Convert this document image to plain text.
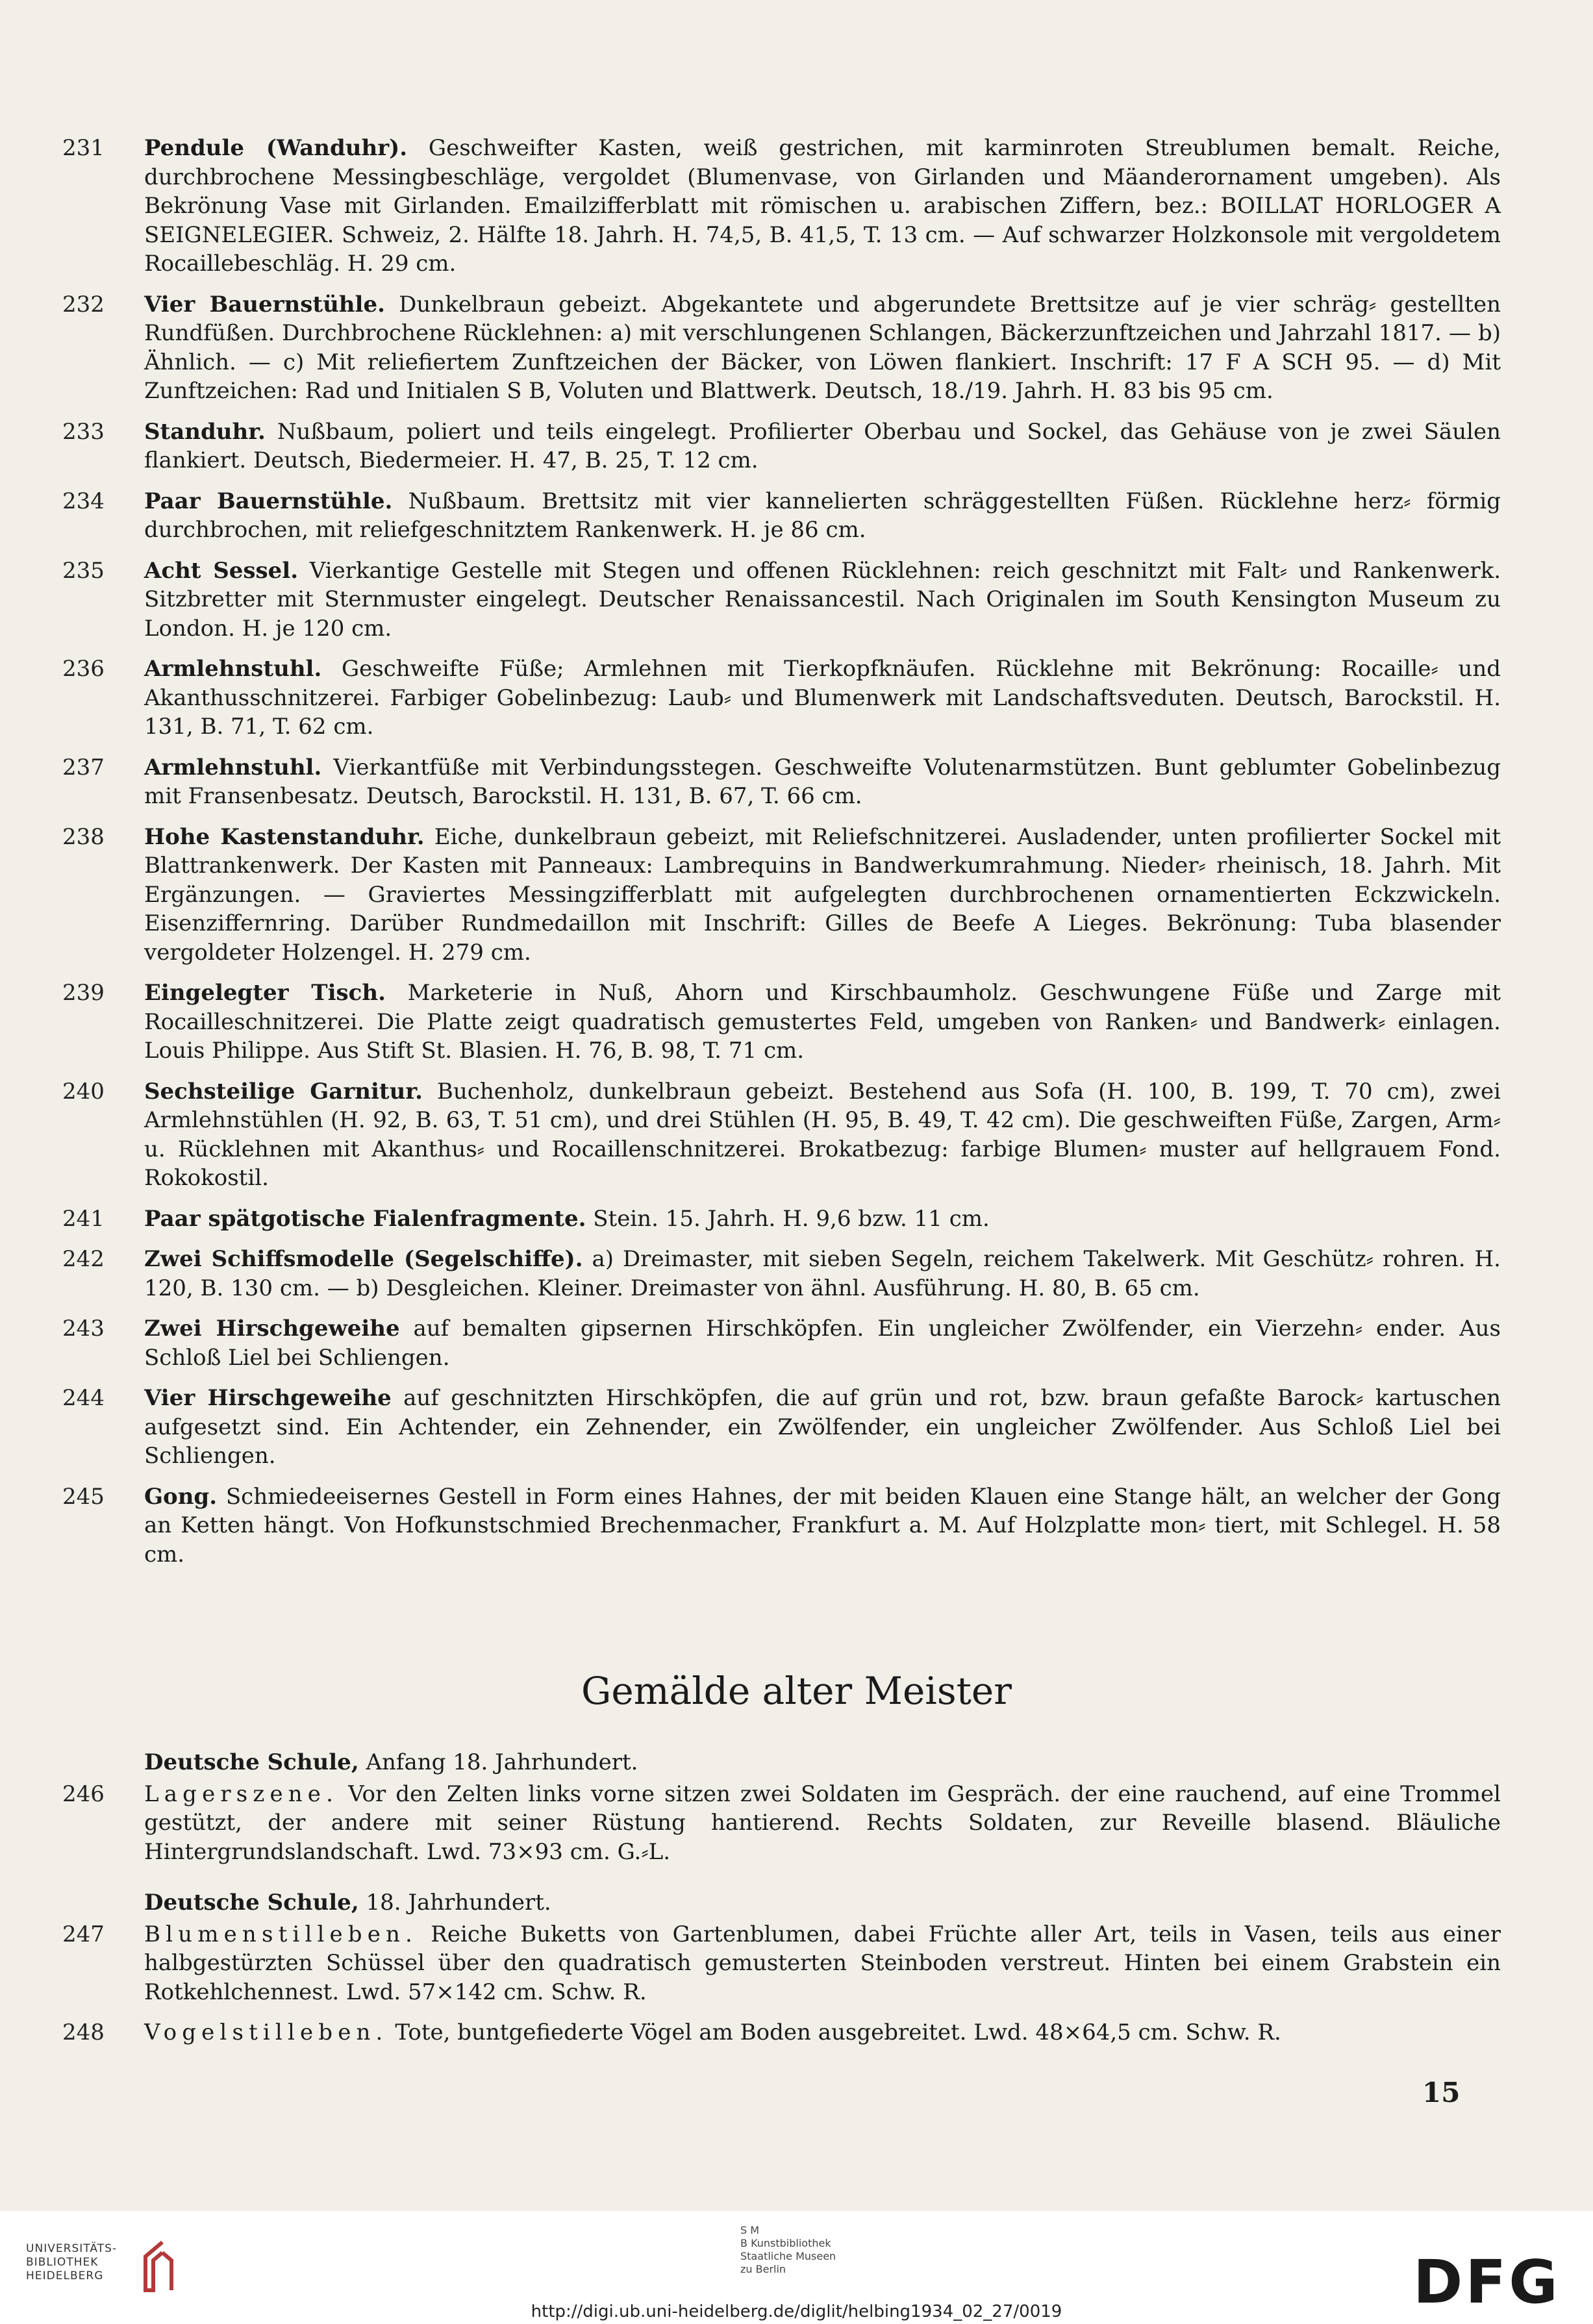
231	Pendule (Wanduhr). Geschweifter Kasten, weiß gestrichen, mit karminroten Streublumen bemalt. Reiche, durchbrochene Messingbeschläge, vergoldet (Blumenvase, von Girlanden und Mäanderornament umgeben). Als Bekrönung Vase mit Girlanden. Emailzifferblatt mit römischen u. arabischen Ziffern, bez.: BOILLAT HORLOGER A SEIGNELEGIER. Schweiz, 2. Hälfte 18. Jahrh. H. 74,5, B. 41,5, T. 13 cm. — Auf schwarzer Holzkonsole mit vergoldetem Rocaillebeschläg. H. 29 cm.
232	Vier Bauernstühle. Dunkelbraun gebeizt. Abgekantete und abgerundete Brettsitze auf je vier schräg⸗ gestellten Rundfüßen. Durchbrochene Rücklehnen: a) mit verschlungenen Schlangen, Bäckerzunftzeichen und Jahrzahl 1817. — b) Ähnlich. — c) Mit reliefiertem Zunftzeichen der Bäcker, von Löwen flankiert. Inschrift: 17 F A SCH 95. — d) Mit Zunftzeichen: Rad und Initialen S B, Voluten und Blattwerk. Deutsch, 18./19. Jahrh. H. 83 bis 95 cm.
233	Standuhr. Nußbaum, poliert und teils eingelegt. Profilierter Oberbau und Sockel, das Gehäuse von je zwei Säulen flankiert. Deutsch, Biedermeier. H. 47, B. 25, T. 12 cm.
234	Paar Bauernstühle. Nußbaum. Brettsitz mit vier kannelierten schräggestellten Füßen. Rücklehne herz⸗ förmig durchbrochen, mit reliefgeschnitztem Rankenwerk. H. je 86 cm.
235	Acht Sessel. Vierkantige Gestelle mit Stegen und offenen Rücklehnen: reich geschnitzt mit Falt⸗ und Rankenwerk. Sitzbretter mit Sternmuster eingelegt. Deutscher Renaissancestil. Nach Originalen im South Kensington Museum zu London. H. je 120 cm.
236	Armlehnstuhl. Geschweifte Füße; Armlehnen mit Tierkopfknäufen. Rücklehne mit Bekrönung: Rocaille⸗ und Akanthusschnitzerei. Farbiger Gobelinbezug: Laub⸗ und Blumenwerk mit Landschaftsveduten. Deutsch, Barockstil. H. 131, B. 71, T. 62 cm.
237	Armlehnstuhl. Vierkantfüße mit Verbindungsstegen. Geschweifte Volutenarmstützen. Bunt geblumter Gobelinbezug mit Fransenbesatz. Deutsch, Barockstil. H. 131, B. 67, T. 66 cm.
238	Hohe Kastenstanduhr. Eiche, dunkelbraun gebeizt, mit Reliefschnitzerei. Ausladender, unten profilierter Sockel mit Blattrankenwerk. Der Kasten mit Panneaux: Lambrequins in Bandwerkumrahmung. Nieder⸗ rheinisch, 18. Jahrh. Mit Ergänzungen. — Graviertes Messingzifferblatt mit aufgelegten durchbrochenen ornamentierten Eckzwickeln. Eisenziffernring. Darüber Rundmedaillon mit Inschrift: Gilles de Beefe A Lieges. Bekrönung: Tuba blasender vergoldeter Holzengel. H. 279 cm.
239	Eingelegter Tisch. Marketerie in Nuß, Ahorn und Kirschbaumholz. Geschwungene Füße und Zarge mit Rocailleschnitzerei. Die Platte zeigt quadratisch gemustertes Feld, umgeben von Ranken⸗ und Bandwerk⸗ einlagen. Louis Philippe. Aus Stift St. Blasien. H. 76, B. 98, T. 71 cm.
240	Sechsteilige Garnitur. Buchenholz, dunkelbraun gebeizt. Bestehend aus Sofa (H. 100, B. 199, T. 70 cm), zwei Armlehnstühlen (H. 92, B. 63, T. 51 cm), und drei Stühlen (H. 95, B. 49, T. 42 cm). Die geschweiften Füße, Zargen, Arm⸗ u. Rücklehnen mit Akanthus⸗ und Rocaillenschnitzerei. Brokatbezug: farbige Blumen⸗ muster auf hellgrauem Fond. Rokokostil.
241	Paar spätgotische Fialenfragmente. Stein. 15. Jahrh. H. 9,6 bzw. 11 cm.
242	Zwei Schiffsmodelle (Segelschiffe). a) Dreimaster, mit sieben Segeln, reichem Takelwerk. Mit Geschütz⸗ rohren. H. 120, B. 130 cm. — b) Desgleichen. Kleiner. Dreimaster von ähnl. Ausführung. H. 80, B. 65 cm.
243	Zwei Hirschgeweihe auf bemalten gipsernen Hirschköpfen. Ein ungleicher Zwölfender, ein Vierzehn⸗ ender. Aus Schloß Liel bei Schliengen.
244	Vier Hirschgeweihe auf geschnitzten Hirschköpfen, die auf grün und rot, bzw. braun gefaßte Barock⸗ kartuschen aufgesetzt sind. Ein Achtender, ein Zehnender, ein Zwölfender, ein ungleicher Zwölfender. Aus Schloß Liel bei Schliengen.
245	Gong. Schmiedeeisernes Gestell in Form eines Hahnes, der mit beiden Klauen eine Stange hält, an welcher der Gong an Ketten hängt. Von Hofkunstschmied Brechenmacher, Frankfurt a. M. Auf Holzplatte mon⸗ tiert, mit Schlegel. H. 58 cm.
Gemälde alter Meister
Deutsche Schule, Anfang 18. Jahrhundert.
246	Lagerszene. Vor den Zelten links vorne sitzen zwei Soldaten im Gespräch. der eine rauchend, auf eine Trommel gestützt, der andere mit seiner Rüstung hantierend. Rechts Soldaten, zur Reveille blasend. Bläuliche Hintergrundslandschaft. Lwd. 73×93 cm. G.⸗L.
Deutsche Schule, 18. Jahrhundert.
247	Blumenstilleben. Reiche Buketts von Gartenblumen, dabei Früchte aller Art, teils in Vasen, teils aus einer halbgestürzten Schüssel über den quadratisch gemusterten Steinboden verstreut. Hinten bei einem Grabstein ein Rotkehlchennest. Lwd. 57×142 cm. Schw. R.
248	Vogelstilleben. Tote, buntgefiederte Vögel am Boden ausgebreitet. Lwd. 48×64,5 cm. Schw. R.
15
UNIVERSITÄTS-
BIBLIOTHEK
HEIDELBERG
S M
B Kunstbibliothek
Staatliche Museen
zu Berlin	DFG
http://digi.ub.uni-heidelberg.de/diglit/helbing1934_02_27/0019
